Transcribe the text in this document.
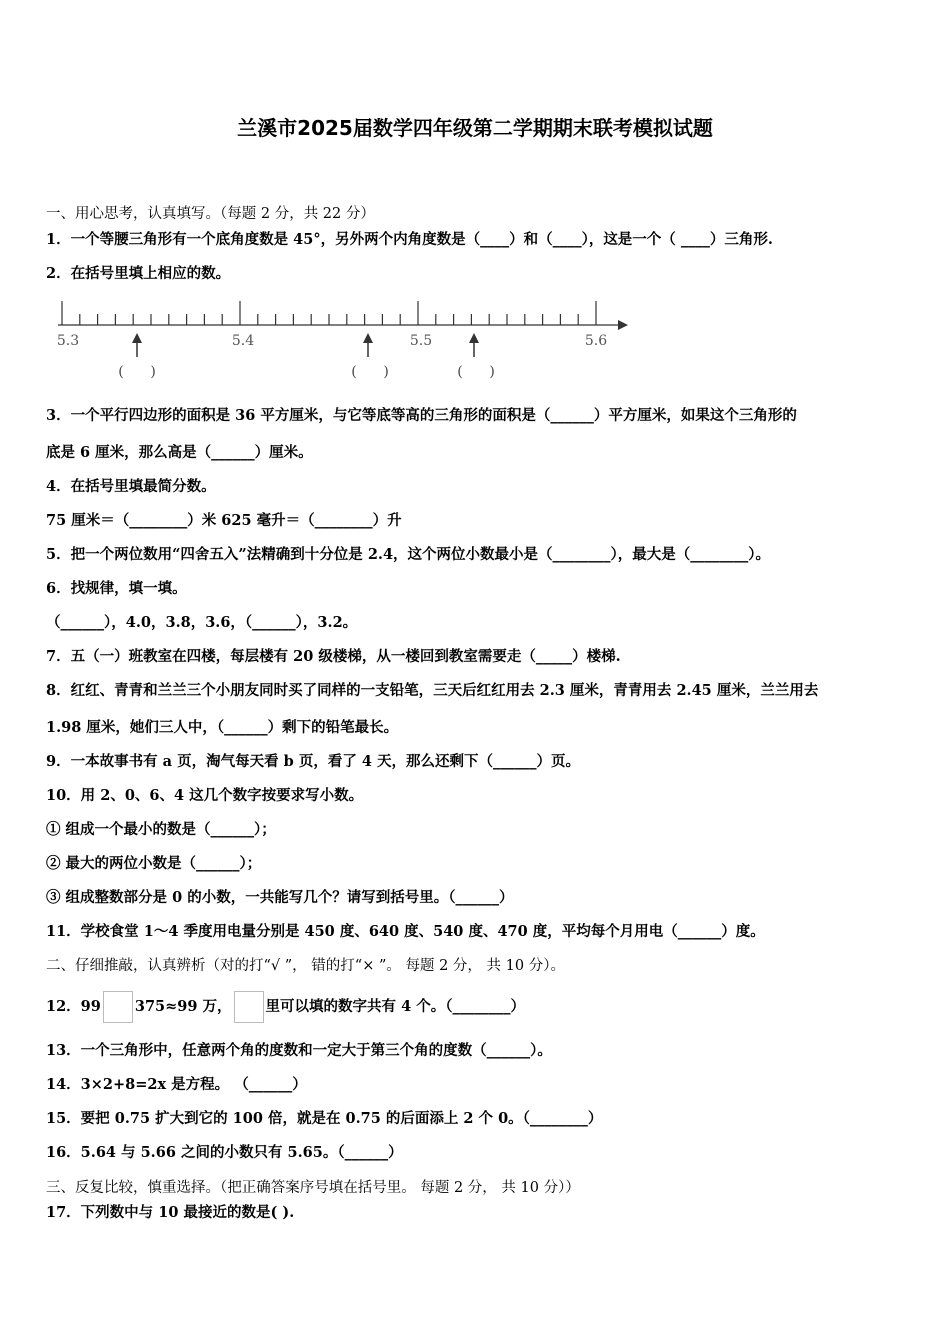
兰溪市2025届数学四年级第二学期期末联考模拟试题
一、用心思考，认真填写。（每题 2 分，共 22 分）
1．一个等腰三角形有一个底角度数是 45°，另外两个内角度数是（____）和（____），这是一个（ ____）三角形.
2．在括号里填上相应的数。
5.3	5.4	5.5	5.6
(      )	(      )	(      )
3．一个平行四边形的面积是 36 平方厘米，与它等底等高的三角形的面积是（______）平方厘米，如果这个三角形的
底是 6 厘米，那么高是（______）厘米。
4．在括号里填最简分数。
75 厘米＝（________）米 625 毫升＝（________）升
5．把一个两位数用“四舍五入”法精确到十分位是 2.4，这个两位小数最小是（________），最大是（________）。
6．找规律，填一填。
（______），4.0，3.8，3.6，（______），3.2。
7．五（一）班教室在四楼，每层楼有 20 级楼梯，从一楼回到教室需要走（_____）楼梯.
8．红红、青青和兰兰三个小朋友同时买了同样的一支铅笔，三天后红红用去 2.3 厘米，青青用去 2.45 厘米，兰兰用去
1.98 厘米，她们三人中，（______）剩下的铅笔最长。
9．一本故事书有 a 页，淘气每天看 b 页，看了 4 天，那么还剩下（______）页。
10．用 2、0、6、4 这几个数字按要求写小数。
① 组成一个最小的数是（______）；
② 最大的两位小数是（______）；
③ 组成整数部分是 0 的小数，一共能写几个？请写到括号里。（______）
11．学校食堂 1～4 季度用电量分别是 450 度、640 度、540 度、470 度，平均每个月用电（______）度。
二、仔细推敲，认真辨析（对的打“√ ”， 错的打“× ”。 每题 2 分， 共 10 分）。
12．99 375≈99 万， 里可以填的数字共有 4 个。（________）
13．一个三角形中，任意两个角的度数和一定大于第三个角的度数（______）。
14．3×2+8=2x 是方程。 （______）
15．要把 0.75 扩大到它的 100 倍，就是在 0.75 的后面添上 2 个 0。（________）
16．5.64 与 5.66 之间的小数只有 5.65。（______）
三、反复比较，慎重选择。（把正确答案序号填在括号里。 每题 2 分， 共 10 分））
17．下列数中与 10 最接近的数是( ).
